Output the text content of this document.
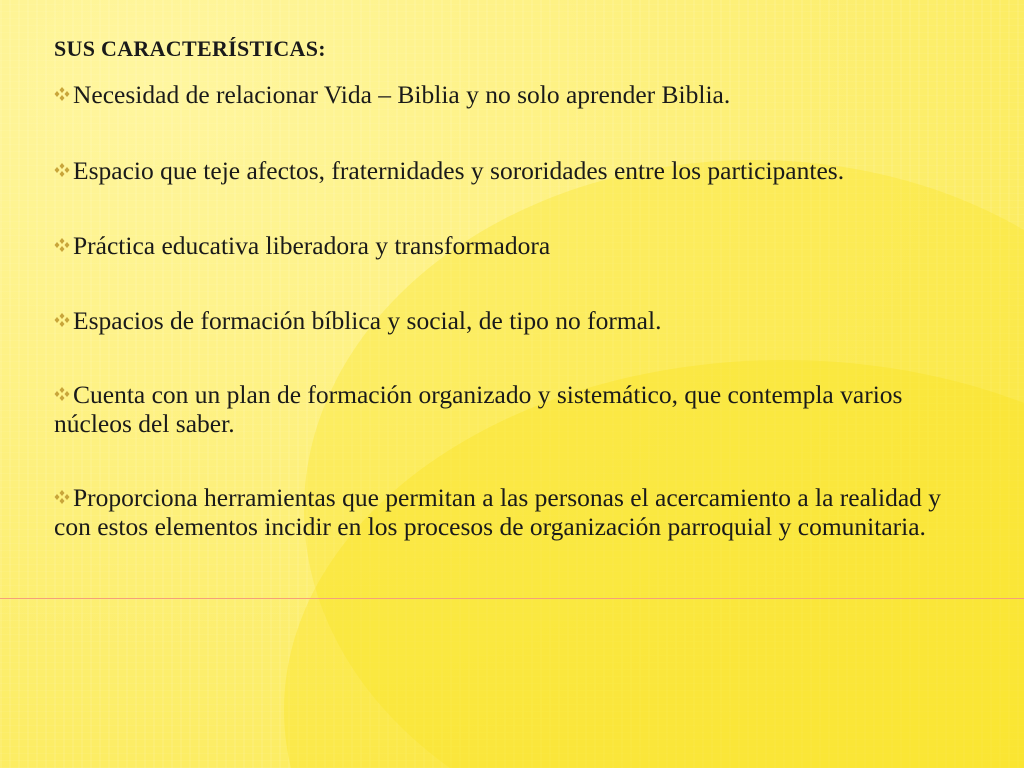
SUS CARACTERÍSTICAS:
Necesidad de relacionar Vida – Biblia y no solo aprender Biblia.
Espacio que teje afectos, fraternidades y sororidades entre los participantes.
Práctica educativa liberadora y transformadora
Espacios de formación bíblica y social, de tipo no formal.
Cuenta con un plan de formación organizado y sistemático, que contempla varios núcleos del saber.
Proporciona herramientas que permitan a las personas el acercamiento a la realidad y con estos elementos incidir en los procesos de organización parroquial y comunitaria.
